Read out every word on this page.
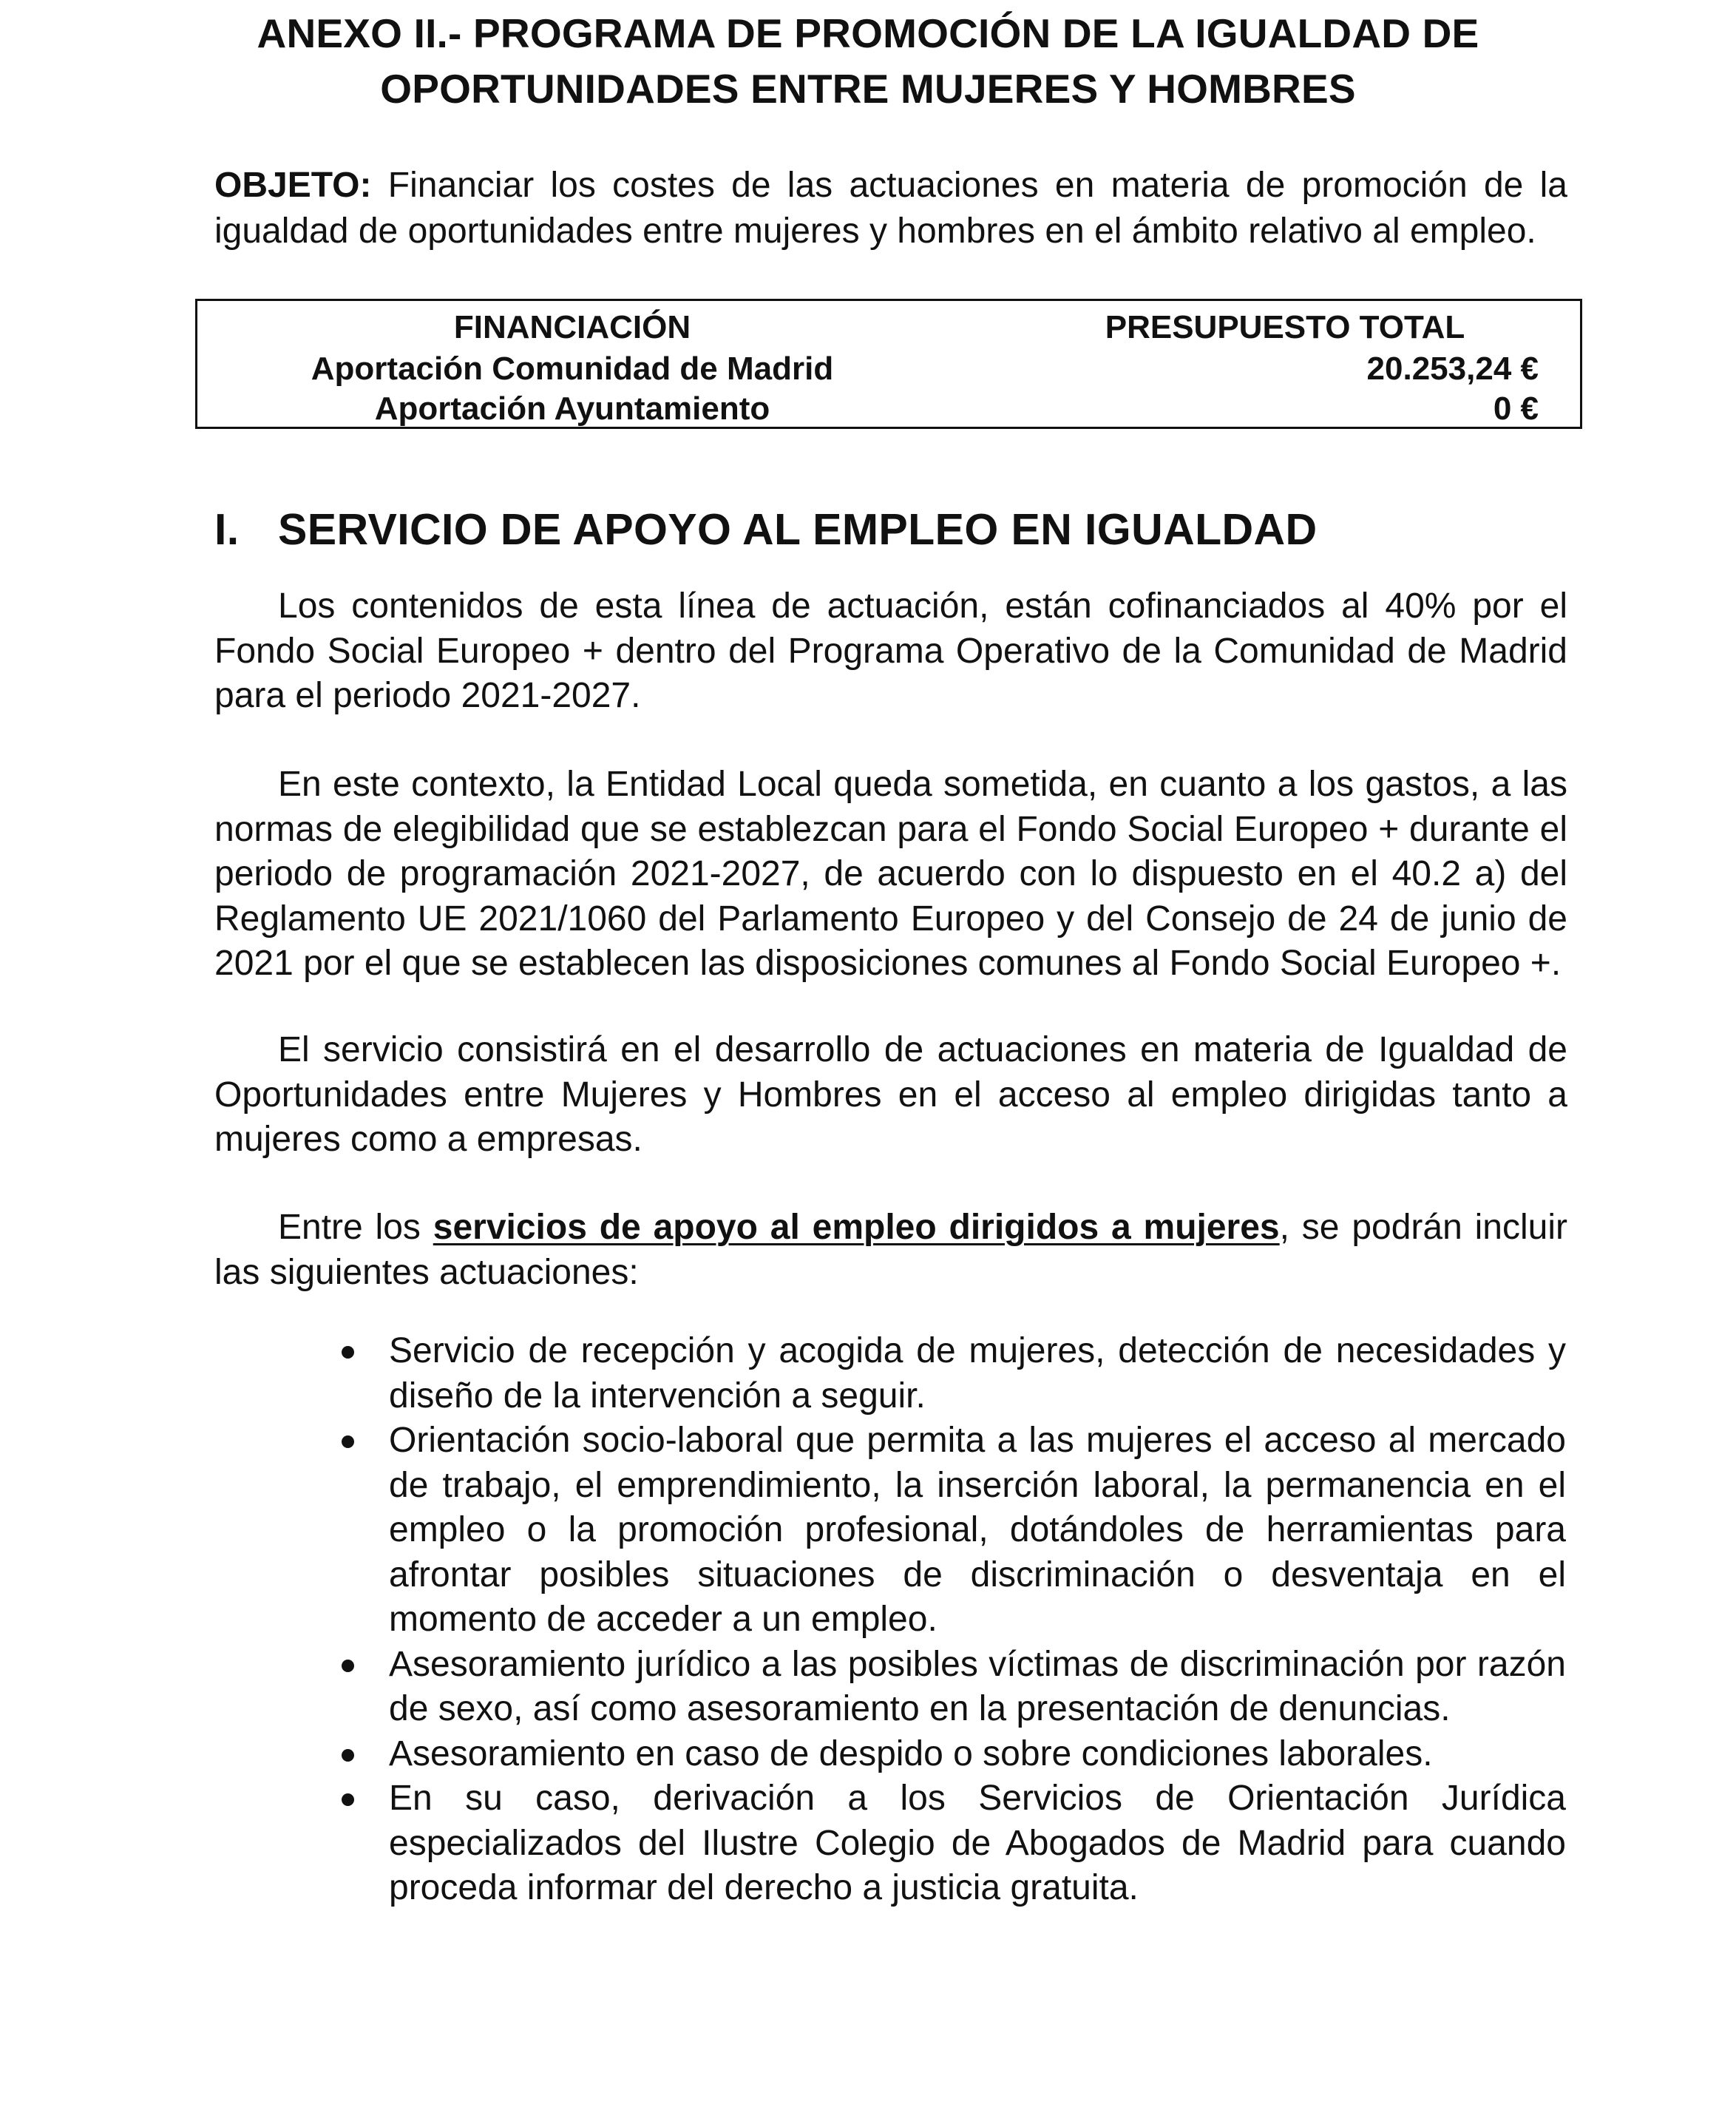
ANEXO II.- PROGRAMA DE PROMOCIÓN DE LA IGUALDAD DE
OPORTUNIDADES ENTRE MUJERES Y HOMBRES
OBJETO: Financiar los costes de las actuaciones en materia de promoción de la igualdad de oportunidades entre mujeres y hombres en el ámbito relativo al empleo.
FINANCIACIÓN	PRESUPUESTO TOTAL
Aportación Comunidad de Madrid	20.253,24 €
Aportación Ayuntamiento	0 €
I. SERVICIO DE APOYO AL EMPLEO EN IGUALDAD

Los contenidos de esta línea de actuación, están cofinanciados al 40% por el Fondo Social Europeo + dentro del Programa Operativo de la Comunidad de Madrid para el periodo 2021-2027.

En este contexto, la Entidad Local queda sometida, en cuanto a los gastos, a las normas de elegibilidad que se establezcan para el Fondo Social Europeo + durante el periodo de programación 2021-2027, de acuerdo con lo dispuesto en el 40.2 a) del Reglamento UE 2021/1060 del Parlamento Europeo y del Consejo de 24 de junio de 2021 por el que se establecen las disposiciones comunes al Fondo Social Europeo +.

El servicio consistirá en el desarrollo de actuaciones en materia de Igualdad de Oportunidades entre Mujeres y Hombres en el acceso al empleo dirigidas tanto a mujeres como a empresas.

Entre los servicios de apoyo al empleo dirigidos a mujeres, se podrán incluir las siguientes actuaciones:

Servicio de recepción y acogida de mujeres, detección de necesidades y diseño de la intervención a seguir.
Orientación socio-laboral que permita a las mujeres el acceso al mercado de trabajo, el emprendimiento, la inserción laboral, la permanencia en el empleo o la promoción profesional, dotándoles de herramientas para afrontar posibles situaciones de discriminación o desventaja en el momento de acceder a un empleo.
Asesoramiento jurídico a las posibles víctimas de discriminación por razón de sexo, así como asesoramiento en la presentación de denuncias.
Asesoramiento en caso de despido o sobre condiciones laborales.
En su caso, derivación a los Servicios de Orientación Jurídica especializados del Ilustre Colegio de Abogados de Madrid para cuando proceda informar del derecho a justicia gratuita.
